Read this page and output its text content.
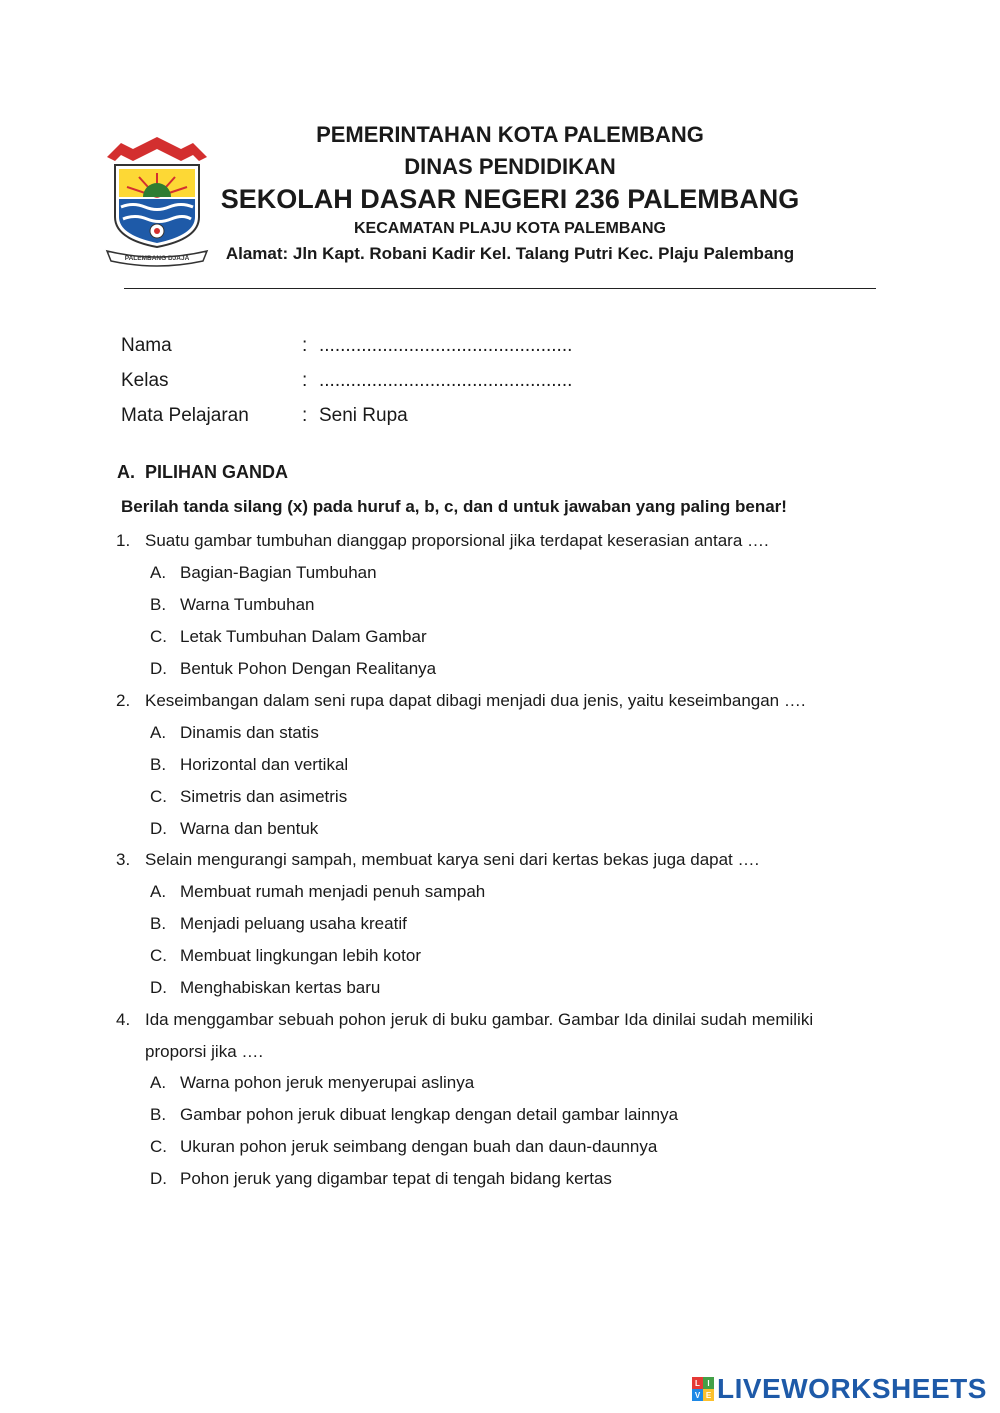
PALEMBANG DJAJA
PEMERINTAHAN KOTA PALEMBANG
DINAS PENDIDIKAN
SEKOLAH DASAR NEGERI 236 PALEMBANG
KECAMATAN PLAJU KOTA PALEMBANG
Alamat: Jln Kapt. Robani Kadir Kel. Talang Putri Kec. Plaju Palembang
Nama	: ................................................
Kelas	: ................................................
Mata Pelajaran	: Seni Rupa
A. PILIHAN GANDA
Berilah tanda silang (x) pada huruf a, b, c, dan d untuk jawaban yang paling benar!
1. Suatu gambar tumbuhan dianggap proporsional jika terdapat keserasian antara ….
A. Bagian-Bagian Tumbuhan
B. Warna Tumbuhan
C. Letak Tumbuhan Dalam Gambar
D. Bentuk Pohon Dengan Realitanya
2. Keseimbangan dalam seni rupa dapat dibagi menjadi dua jenis, yaitu keseimbangan ….
A. Dinamis dan statis
B. Horizontal dan vertikal
C. Simetris dan asimetris
D. Warna dan bentuk
3. Selain mengurangi sampah, membuat karya seni dari kertas bekas juga dapat ….
A. Membuat rumah menjadi penuh sampah
B. Menjadi peluang usaha kreatif
C. Membuat lingkungan lebih kotor
D. Menghabiskan kertas baru
4. Ida menggambar sebuah pohon jeruk di buku gambar. Gambar Ida dinilai sudah memiliki
proporsi jika ….
A. Warna pohon jeruk menyerupai aslinya
B. Gambar pohon jeruk dibuat lengkap dengan detail gambar lainnya
C. Ukuran pohon jeruk seimbang dengan buah dan daun-daunnya
D. Pohon jeruk yang digambar tepat di tengah bidang kertas
L I
V E LIVEWORKSHEETS
